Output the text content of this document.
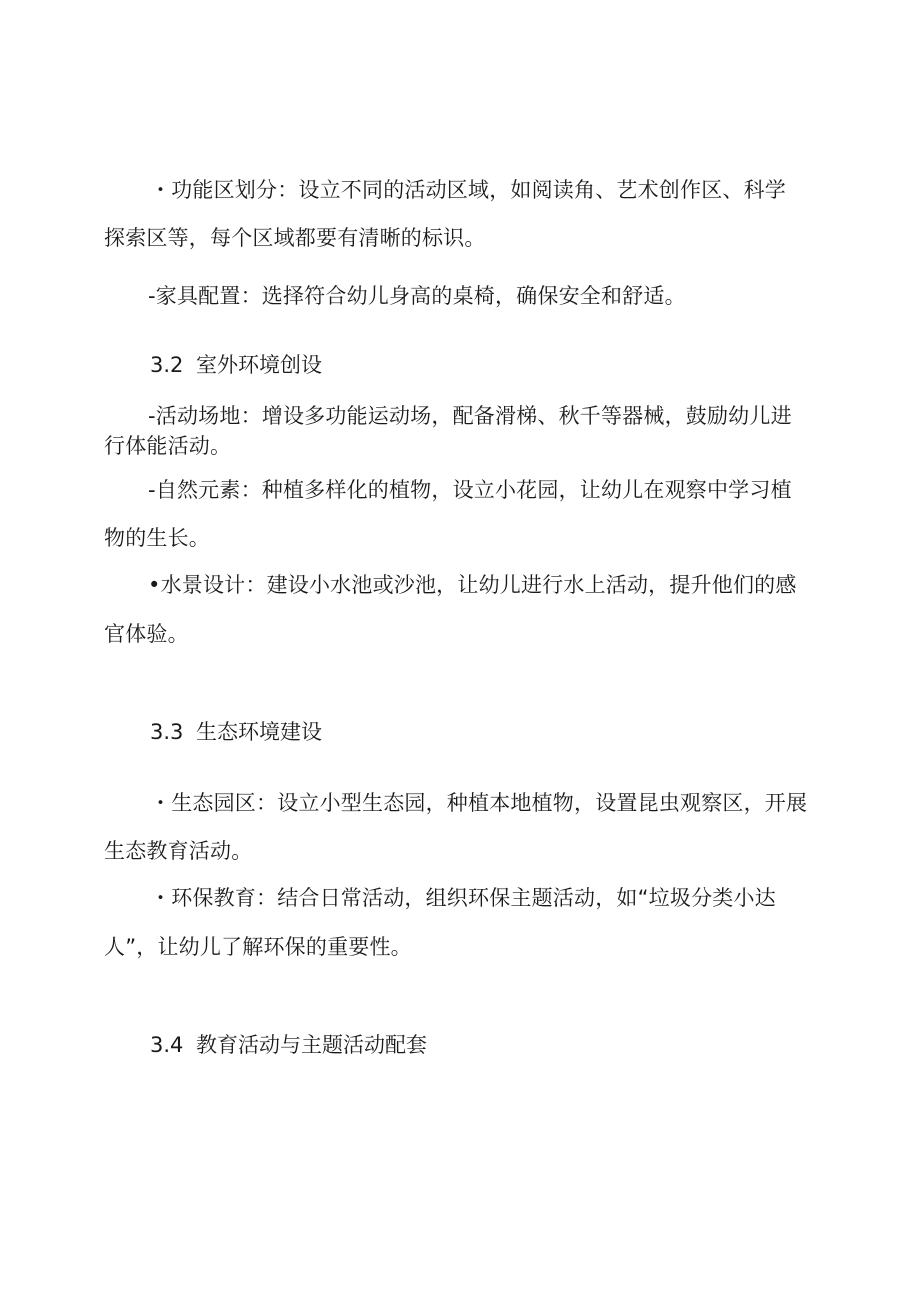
・功能区划分：设立不同的活动区域，如阅读角、艺术创作区、科学
探索区等，每个区域都要有清晰的标识。
-家具配置：选择符合幼儿身高的桌椅，确保安全和舒适。
3.2 室外环境创设
-活动场地：增设多功能运动场，配备滑梯、秋千等器械，鼓励幼儿进
行体能活动。
-自然元素：种植多样化的植物，设立小花园，让幼儿在观察中学习植
物的生长。
•水景设计：建设小水池或沙池，让幼儿进行水上活动，提升他们的感
官体验。
3.3 生态环境建设
・生态园区：设立小型生态园，种植本地植物，设置昆虫观察区，开展
生态教育活动。
・环保教育：结合日常活动，组织环保主题活动，如“垃圾分类小达
人”，让幼儿了解环保的重要性。
3.4 教育活动与主题活动配套
